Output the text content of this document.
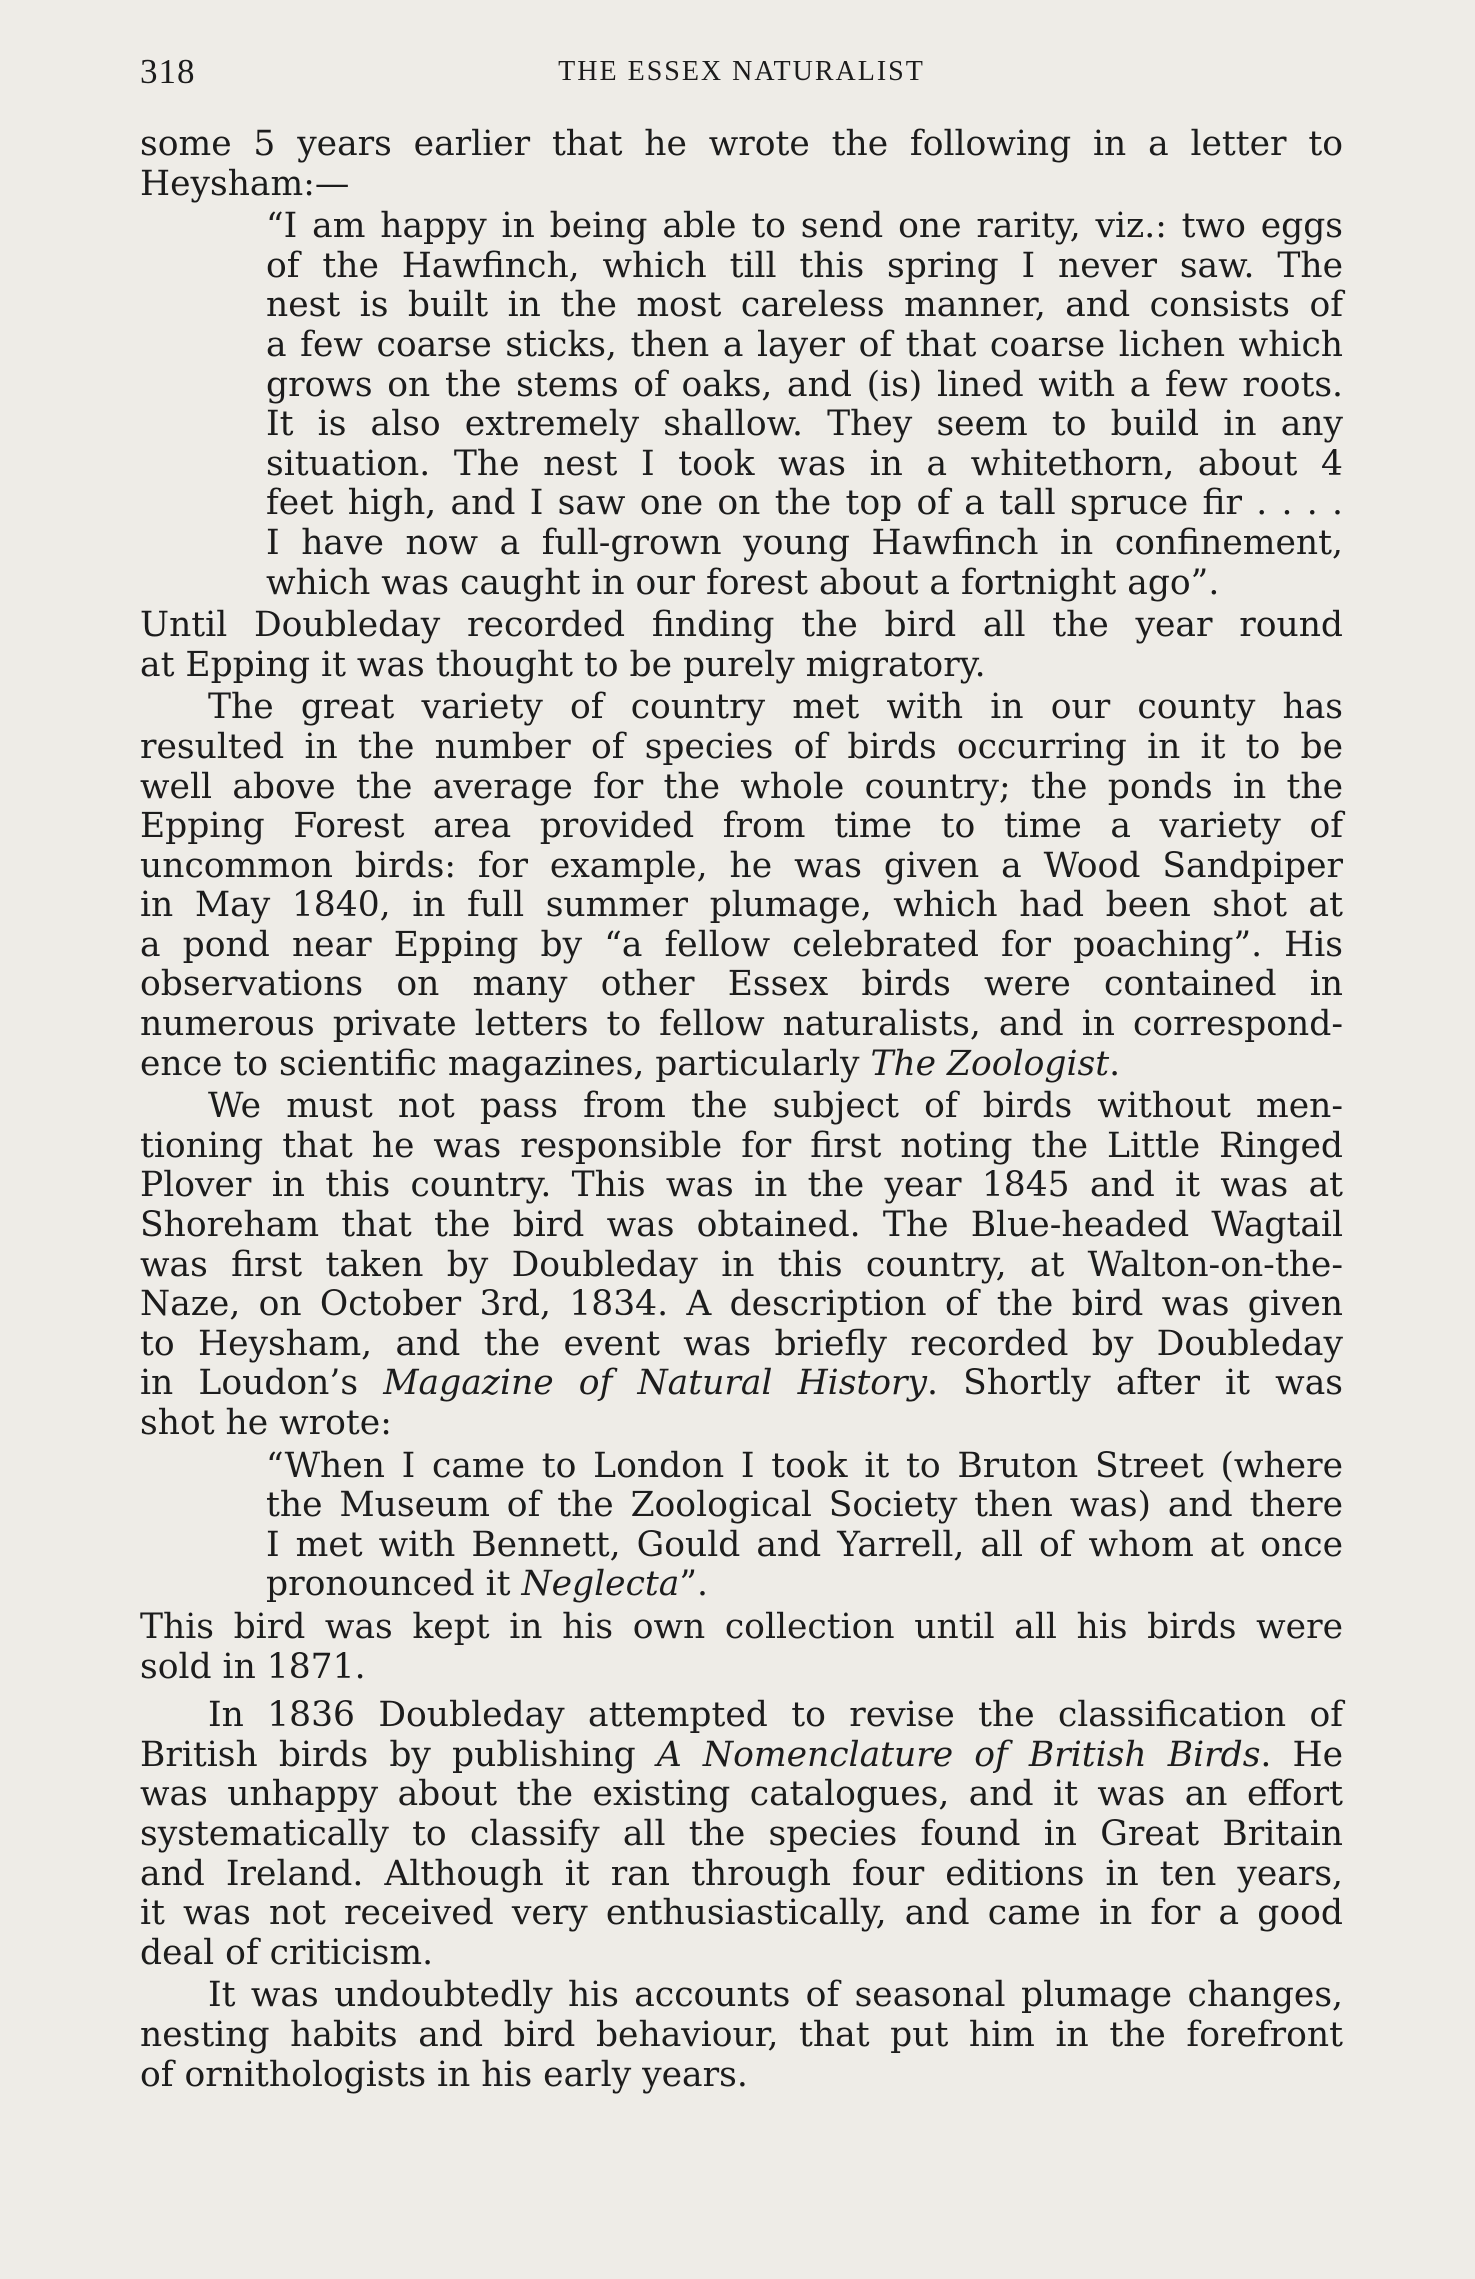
318	THE ESSEX NATURALIST
some 5 years earlier that he wrote the following in a letter to
Heysham:—
“I am happy in being able to send one rarity, viz.: two eggs
of the Hawfinch, which till this spring I never saw. The
nest is built in the most careless manner, and consists of
a few coarse sticks, then a layer of that coarse lichen which
grows on the stems of oaks, and (is) lined with a few roots.
It is also extremely shallow. They seem to build in any
situation. The nest I took was in a whitethorn, about 4
feet high, and I saw one on the top of a tall spruce fir . . . .
I have now a full-grown young Hawfinch in confinement,
which was caught in our forest about a fortnight ago”.
Until Doubleday recorded finding the bird all the year round
at Epping it was thought to be purely migratory.
The great variety of country met with in our county has
resulted in the number of species of birds occurring in it to be
well above the average for the whole country; the ponds in the
Epping Forest area provided from time to time a variety of
uncommon birds: for example, he was given a Wood Sandpiper
in May 1840, in full summer plumage, which had been shot at
a pond near Epping by “a fellow celebrated for poaching”. His
observations on many other Essex birds were contained in
numerous private letters to fellow naturalists, and in correspond-
ence to scientific magazines, particularly The Zoologist.
We must not pass from the subject of birds without men-
tioning that he was responsible for first noting the Little Ringed
Plover in this country. This was in the year 1845 and it was at
Shoreham that the bird was obtained. The Blue-headed Wagtail
was first taken by Doubleday in this country, at Walton-on-the-
Naze, on October 3rd, 1834. A description of the bird was given
to Heysham, and the event was briefly recorded by Doubleday
in Loudon’s Magazine of Natural History. Shortly after it was
shot he wrote:
“When I came to London I took it to Bruton Street (where
the Museum of the Zoological Society then was) and there
I met with Bennett, Gould and Yarrell, all of whom at once
pronounced it Neglecta”.
This bird was kept in his own collection until all his birds were
sold in 1871.
In 1836 Doubleday attempted to revise the classification of
British birds by publishing A Nomenclature of British Birds. He
was unhappy about the existing catalogues, and it was an effort
systematically to classify all the species found in Great Britain
and Ireland. Although it ran through four editions in ten years,
it was not received very enthusiastically, and came in for a good
deal of criticism.
It was undoubtedly his accounts of seasonal plumage changes,
nesting habits and bird behaviour, that put him in the forefront
of ornithologists in his early years.
